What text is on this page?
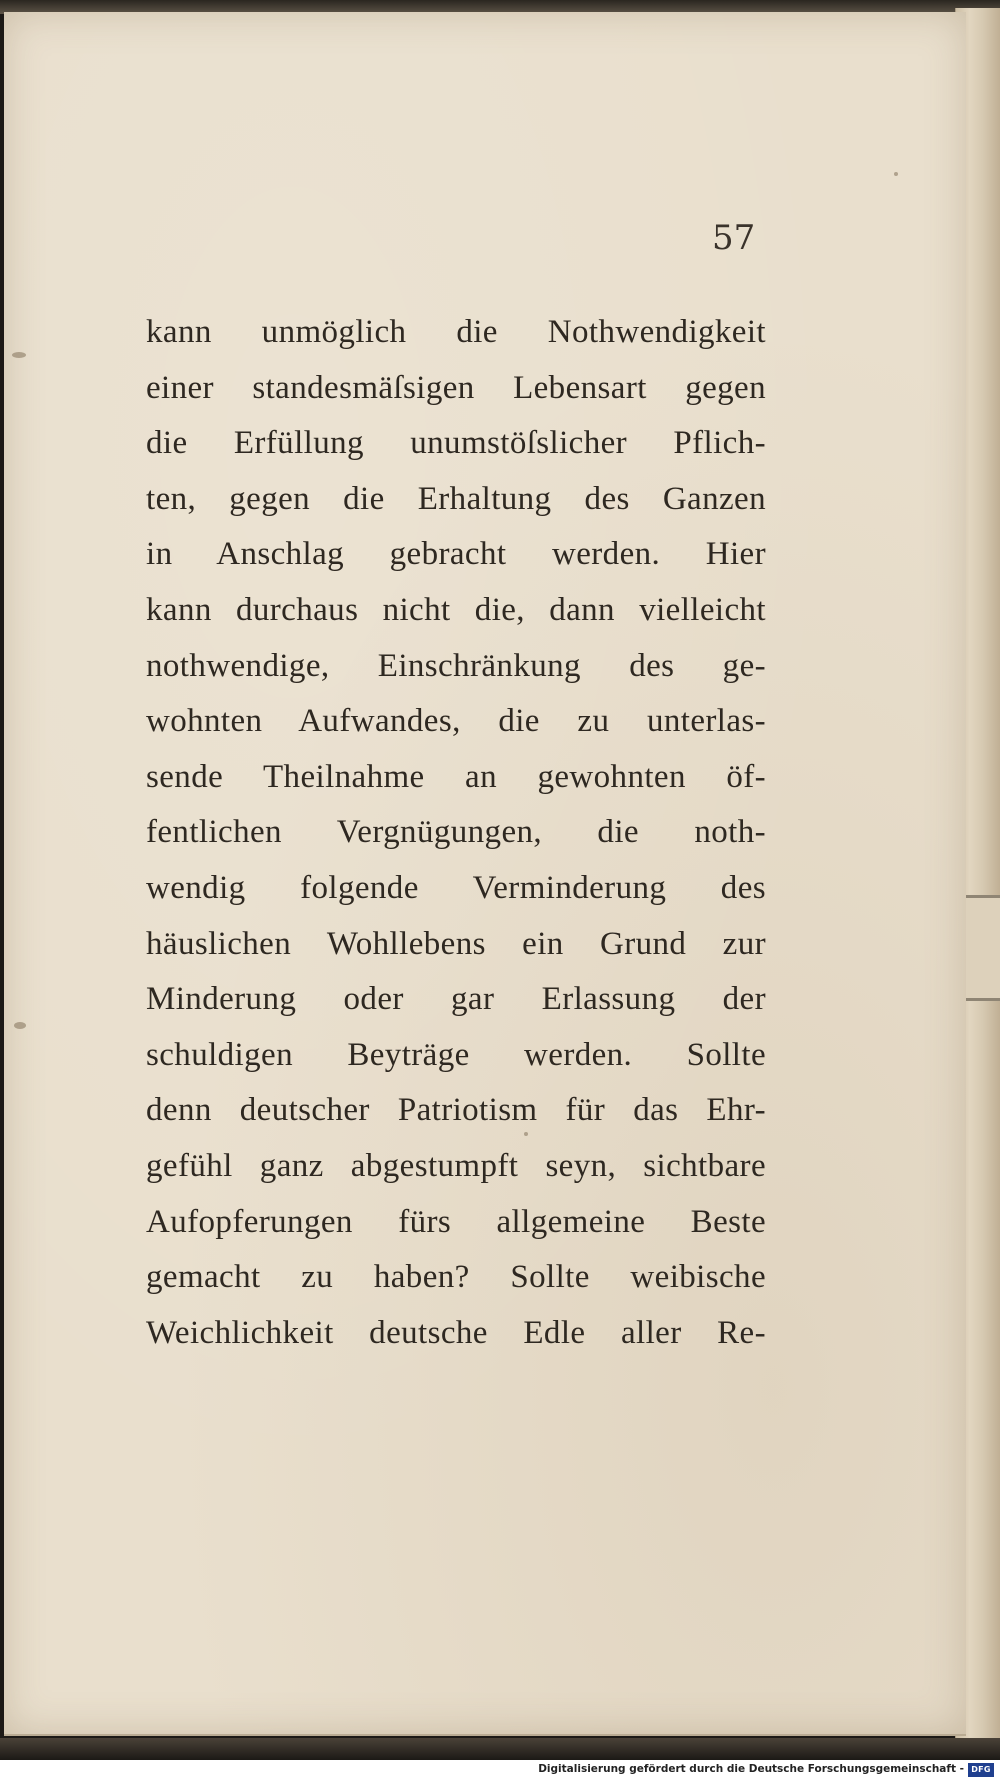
57
kann unmöglich die Nothwendigkeit
einer standesmäſsigen Lebensart gegen
die Erfüllung unumstöſslicher Pflich-
ten, gegen die Erhaltung des Ganzen
in Anschlag gebracht werden. Hier
kann durchaus nicht die, dann vielleicht
nothwendige, Einschränkung des ge-
wohnten Aufwandes, die zu unterlas-
sende Theilnahme an gewohnten öf-
fentlichen Vergnügungen, die noth-
wendig folgende Verminderung des
häuslichen Wohllebens ein Grund zur
Minderung oder gar Erlassung der
schuldigen Beyträge werden. Sollte
denn deutscher Patriotism für das Ehr-
gefühl ganz abgestumpft seyn, sichtbare
Aufopferungen fürs allgemeine Beste
gemacht zu haben? Sollte weibische
Weichlichkeit deutsche Edle aller Re-
Digitalisierung gefördert durch die Deutsche Forschungsgemeinschaft - DFG
